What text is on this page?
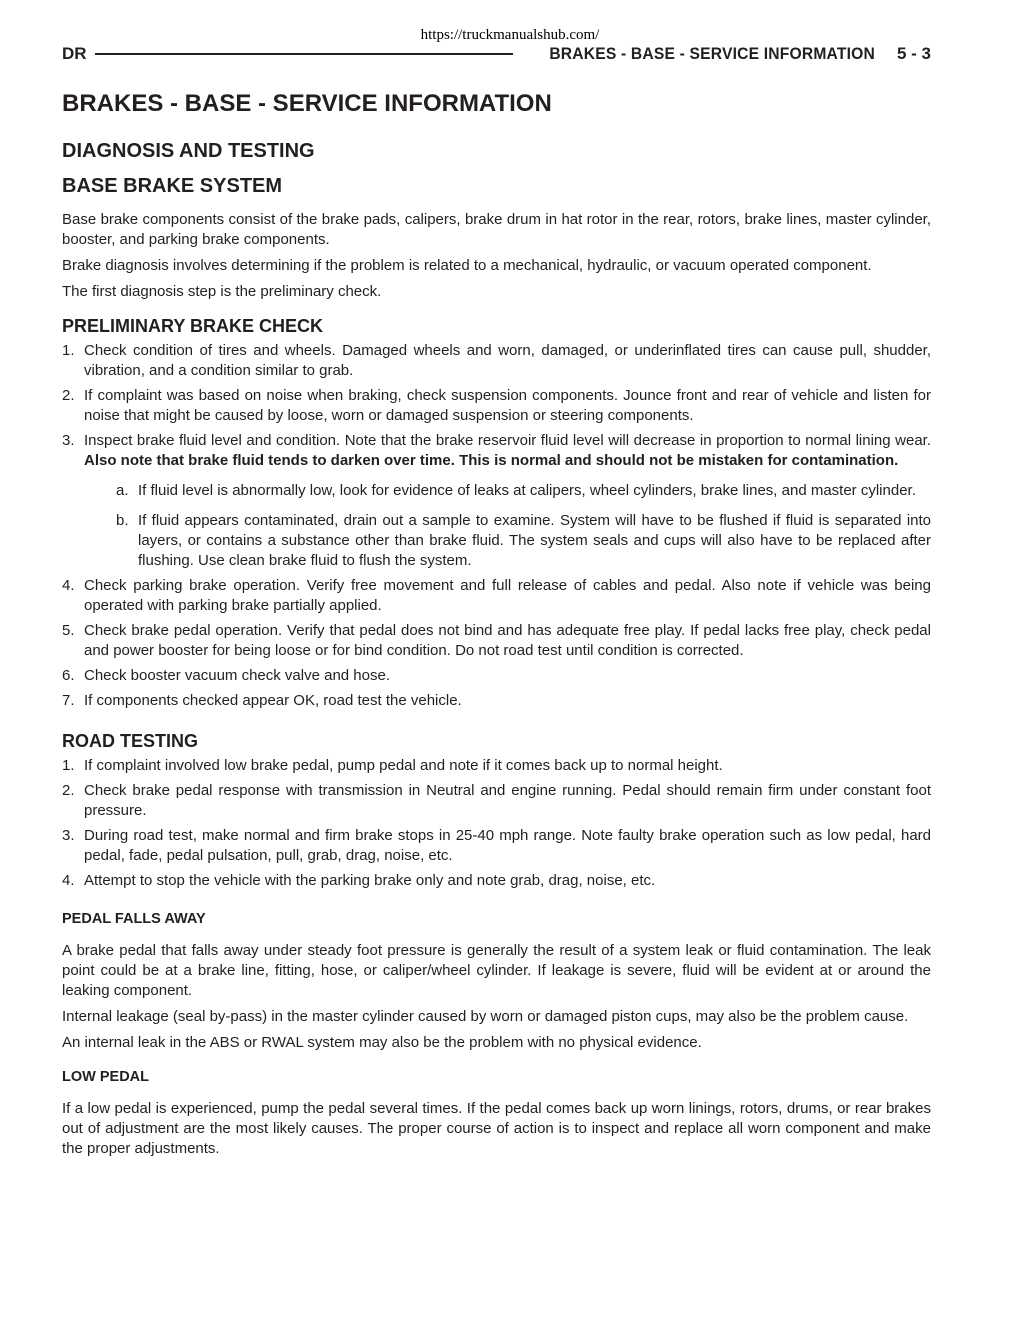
https://truckmanualshub.com/
DR	BRAKES - BASE - SERVICE INFORMATION 5 - 3
BRAKES - BASE - SERVICE INFORMATION
DIAGNOSIS AND TESTING
BASE BRAKE SYSTEM

Base brake components consist of the brake pads, calipers, brake drum in hat rotor in the rear, rotors, brake lines, master cylinder, booster, and parking brake components.

Brake diagnosis involves determining if the problem is related to a mechanical, hydraulic, or vacuum operated component.

The first diagnosis step is the preliminary check.

PRELIMINARY BRAKE CHECK
1. Check condition of tires and wheels. Damaged wheels and worn, damaged, or underinflated tires can cause pull, shudder, vibration, and a condition similar to grab.
2. If complaint was based on noise when braking, check suspension components. Jounce front and rear of vehicle and listen for noise that might be caused by loose, worn or damaged suspension or steering components.
3. Inspect brake fluid level and condition. Note that the brake reservoir fluid level will decrease in proportion to normal lining wear. Also note that brake fluid tends to darken over time. This is normal and should not be mistaken for contamination.
a. If fluid level is abnormally low, look for evidence of leaks at calipers, wheel cylinders, brake lines, and master cylinder.
b. If fluid appears contaminated, drain out a sample to examine. System will have to be flushed if fluid is separated into layers, or contains a substance other than brake fluid. The system seals and cups will also have to be replaced after flushing. Use clean brake fluid to flush the system.
4. Check parking brake operation. Verify free movement and full release of cables and pedal. Also note if vehicle was being operated with parking brake partially applied.
5. Check brake pedal operation. Verify that pedal does not bind and has adequate free play. If pedal lacks free play, check pedal and power booster for being loose or for bind condition. Do not road test until condition is corrected.
6. Check booster vacuum check valve and hose.
7. If components checked appear OK, road test the vehicle.
ROAD TESTING
1. If complaint involved low brake pedal, pump pedal and note if it comes back up to normal height.
2. Check brake pedal response with transmission in Neutral and engine running. Pedal should remain firm under constant foot pressure.
3. During road test, make normal and firm brake stops in 25-40 mph range. Note faulty brake operation such as low pedal, hard pedal, fade, pedal pulsation, pull, grab, drag, noise, etc.
4. Attempt to stop the vehicle with the parking brake only and note grab, drag, noise, etc.
PEDAL FALLS AWAY

A brake pedal that falls away under steady foot pressure is generally the result of a system leak or fluid contamination. The leak point could be at a brake line, fitting, hose, or caliper/wheel cylinder. If leakage is severe, fluid will be evident at or around the leaking component.

Internal leakage (seal by-pass) in the master cylinder caused by worn or damaged piston cups, may also be the problem cause.

An internal leak in the ABS or RWAL system may also be the problem with no physical evidence.

LOW PEDAL

If a low pedal is experienced, pump the pedal several times. If the pedal comes back up worn linings, rotors, drums, or rear brakes out of adjustment are the most likely causes. The proper course of action is to inspect and replace all worn component and make the proper adjustments.
